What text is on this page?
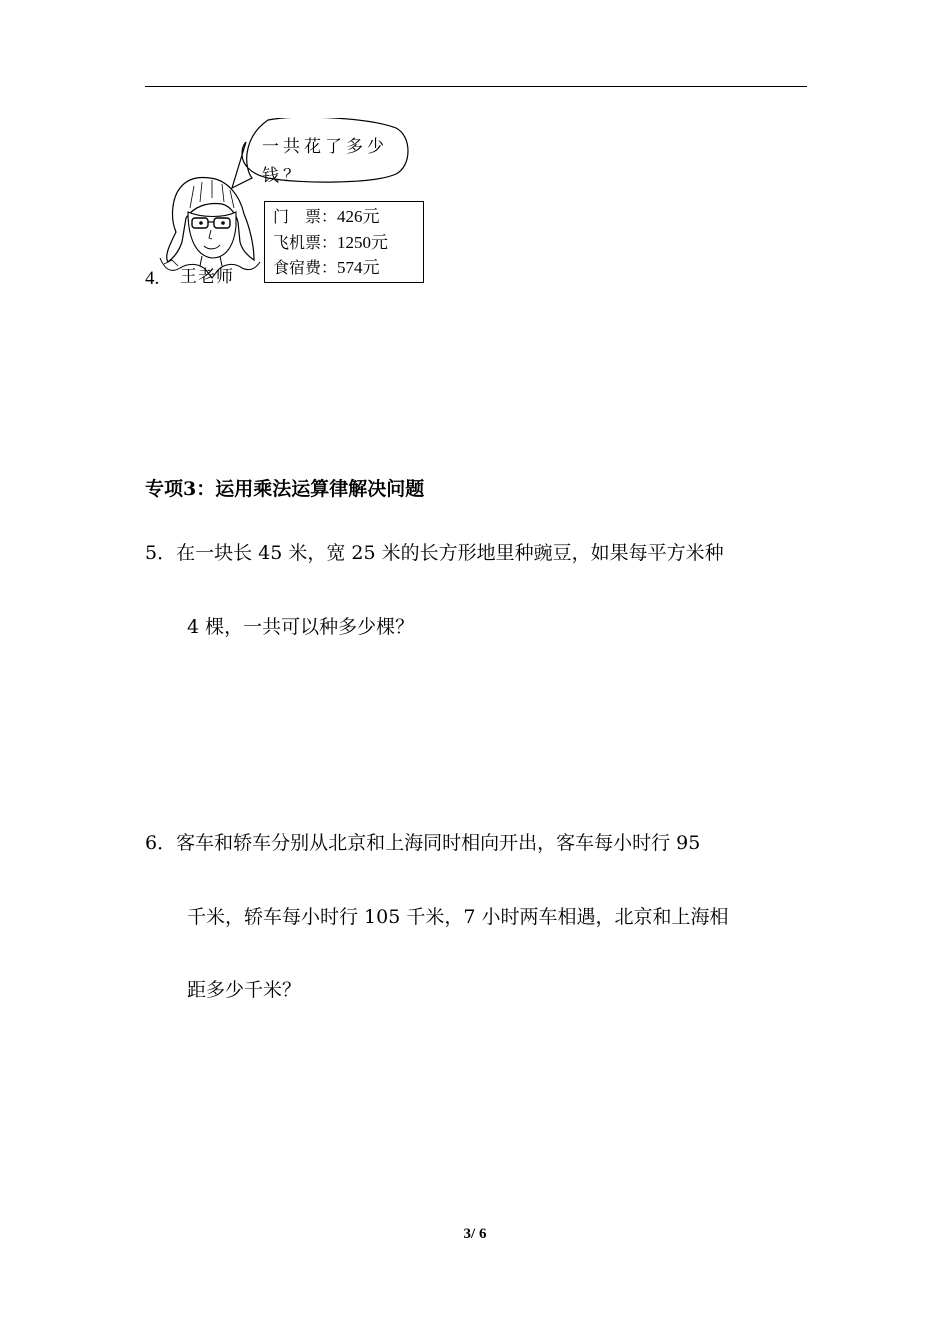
一共花了多少钱？
王老师
4.
门　票：426元
飞机票：1250元
食宿费：574元
专项3：运用乘法运算律解决问题
5．在一块长 45 米，宽 25 米的长方形地里种豌豆，如果每平方米种
4 棵，一共可以种多少棵？
6．客车和轿车分别从北京和上海同时相向开出，客车每小时行 95
千米，轿车每小时行 105 千米，7 小时两车相遇，北京和上海相
距多少千米？
3/ 6
